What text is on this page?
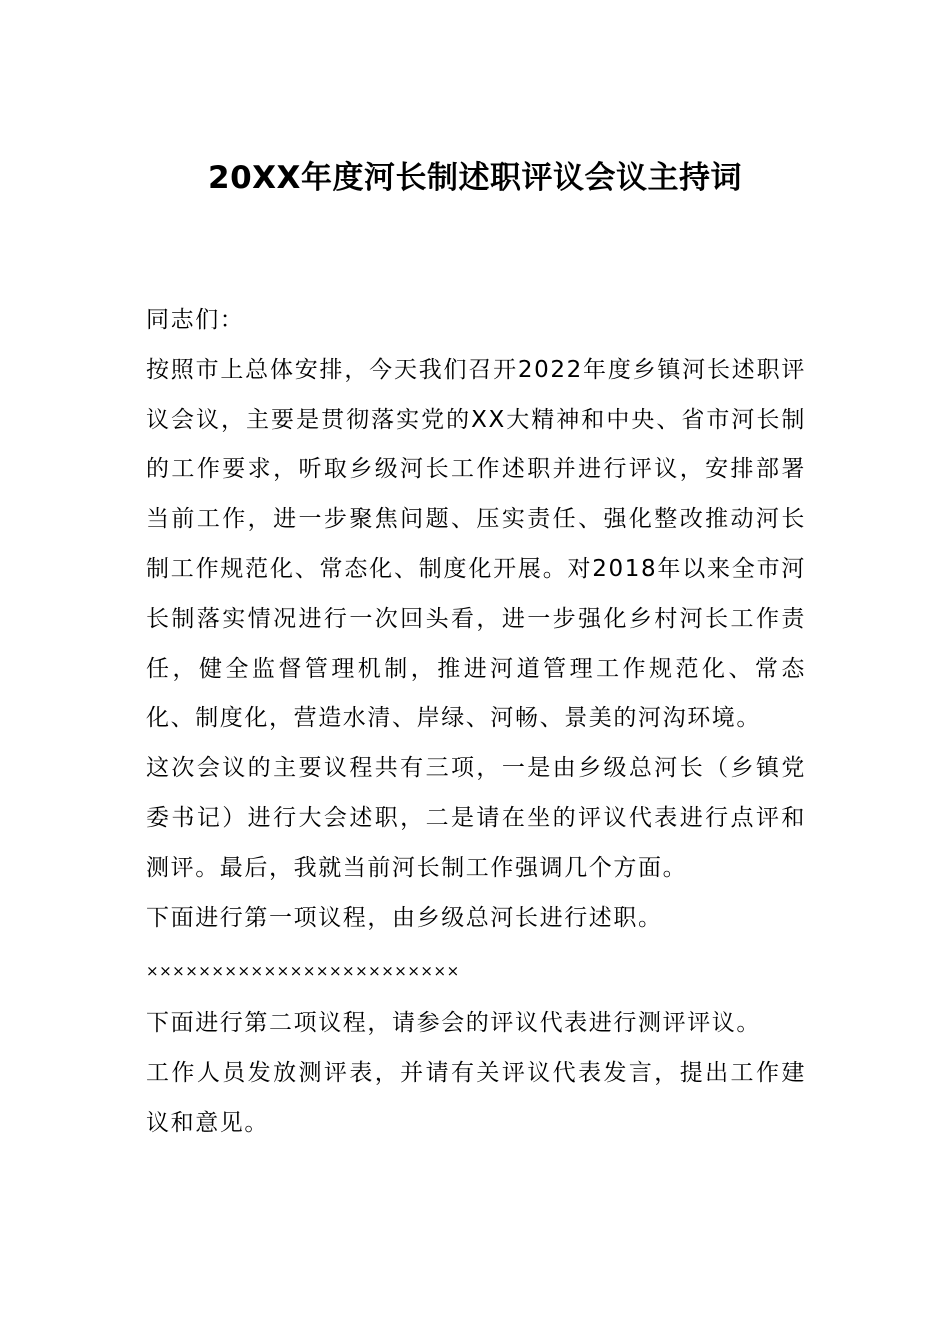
20XX年度河长制述职评议会议主持词

同志们：

按照市上总体安排，今天我们召开2022年度乡镇河长述职评议会议，主要是贯彻落实党的XX大精神和中央、省市河长制的工作要求，听取乡级河长工作述职并进行评议，安排部署当前工作，进一步聚焦问题、压实责任、强化整改推动河长制工作规范化、常态化、制度化开展。对2018年以来全市河长制落实情况进行一次回头看，进一步强化乡村河长工作责任，健全监督管理机制，推进河道管理工作规范化、常态化、制度化，营造水清、岸绿、河畅、景美的河沟环境。

这次会议的主要议程共有三项，一是由乡级总河长（乡镇党委书记）进行大会述职，二是请在坐的评议代表进行点评和测评。最后，我就当前河长制工作强调几个方面。

下面进行第一项议程，由乡级总河长进行述职。

××××××××××××××××××××××××

下面进行第二项议程，请参会的评议代表进行测评评议。

工作人员发放测评表，并请有关评议代表发言，提出工作建议和意见。
